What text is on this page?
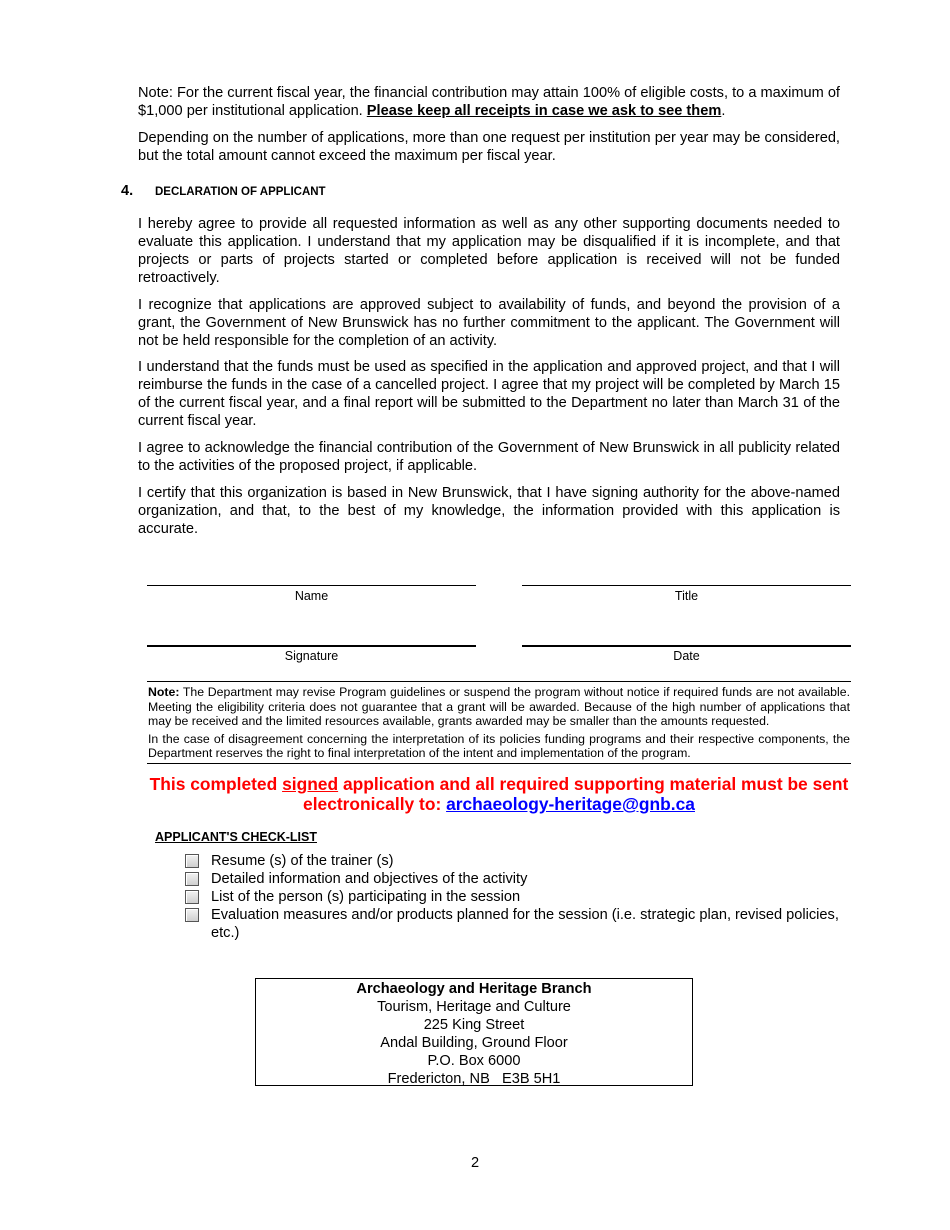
Note: For the current fiscal year, the financial contribution may attain 100% of eligible costs, to a maximum of $1,000 per institutional application. Please keep all receipts in case we ask to see them.

Depending on the number of applications, more than one request per institution per year may be considered, but the total amount cannot exceed the maximum per fiscal year.

4. DECLARATION OF APPLICANT

I hereby agree to provide all requested information as well as any other supporting documents needed to evaluate this application. I understand that my application may be disqualified if it is incomplete, and that projects or parts of projects started or completed before application is received will not be funded retroactively.

I recognize that applications are approved subject to availability of funds, and beyond the provision of a grant, the Government of New Brunswick has no further commitment to the applicant. The Government will not be held responsible for the completion of an activity.

I understand that the funds must be used as specified in the application and approved project, and that I will reimburse the funds in the case of a cancelled project. I agree that my project will be completed by March 15 of the current fiscal year, and a final report will be submitted to the Department no later than March 31 of the current fiscal year.

I agree to acknowledge the financial contribution of the Government of New Brunswick in all publicity related to the activities of the proposed project, if applicable.

I certify that this organization is based in New Brunswick, that I have signing authority for the above-named organization, and that, to the best of my knowledge, the information provided with this application is accurate.

Name	Title
Signature	Date

Note: The Department may revise Program guidelines or suspend the program without notice if required funds are not available. Meeting the eligibility criteria does not guarantee that a grant will be awarded. Because of the high number of applications that may be received and the limited resources available, grants awarded may be smaller than the amounts requested.

In the case of disagreement concerning the interpretation of its policies funding programs and their respective components, the Department reserves the right to final interpretation of the intent and implementation of the program.

This completed signed application and all required supporting material must be sent electronically to: archaeology-heritage@gnb.ca

APPLICANT'S CHECK-LIST

Resume (s) of the trainer (s)
Detailed information and objectives of the activity
List of the person (s) participating in the session
Evaluation measures and/or products planned for the session (i.e. strategic plan, revised policies, etc.)
Archaeology and Heritage Branch
Tourism, Heritage and Culture
225 King Street
Andal Building, Ground Floor
P.O. Box 6000
Fredericton, NB   E3B 5H1
2
